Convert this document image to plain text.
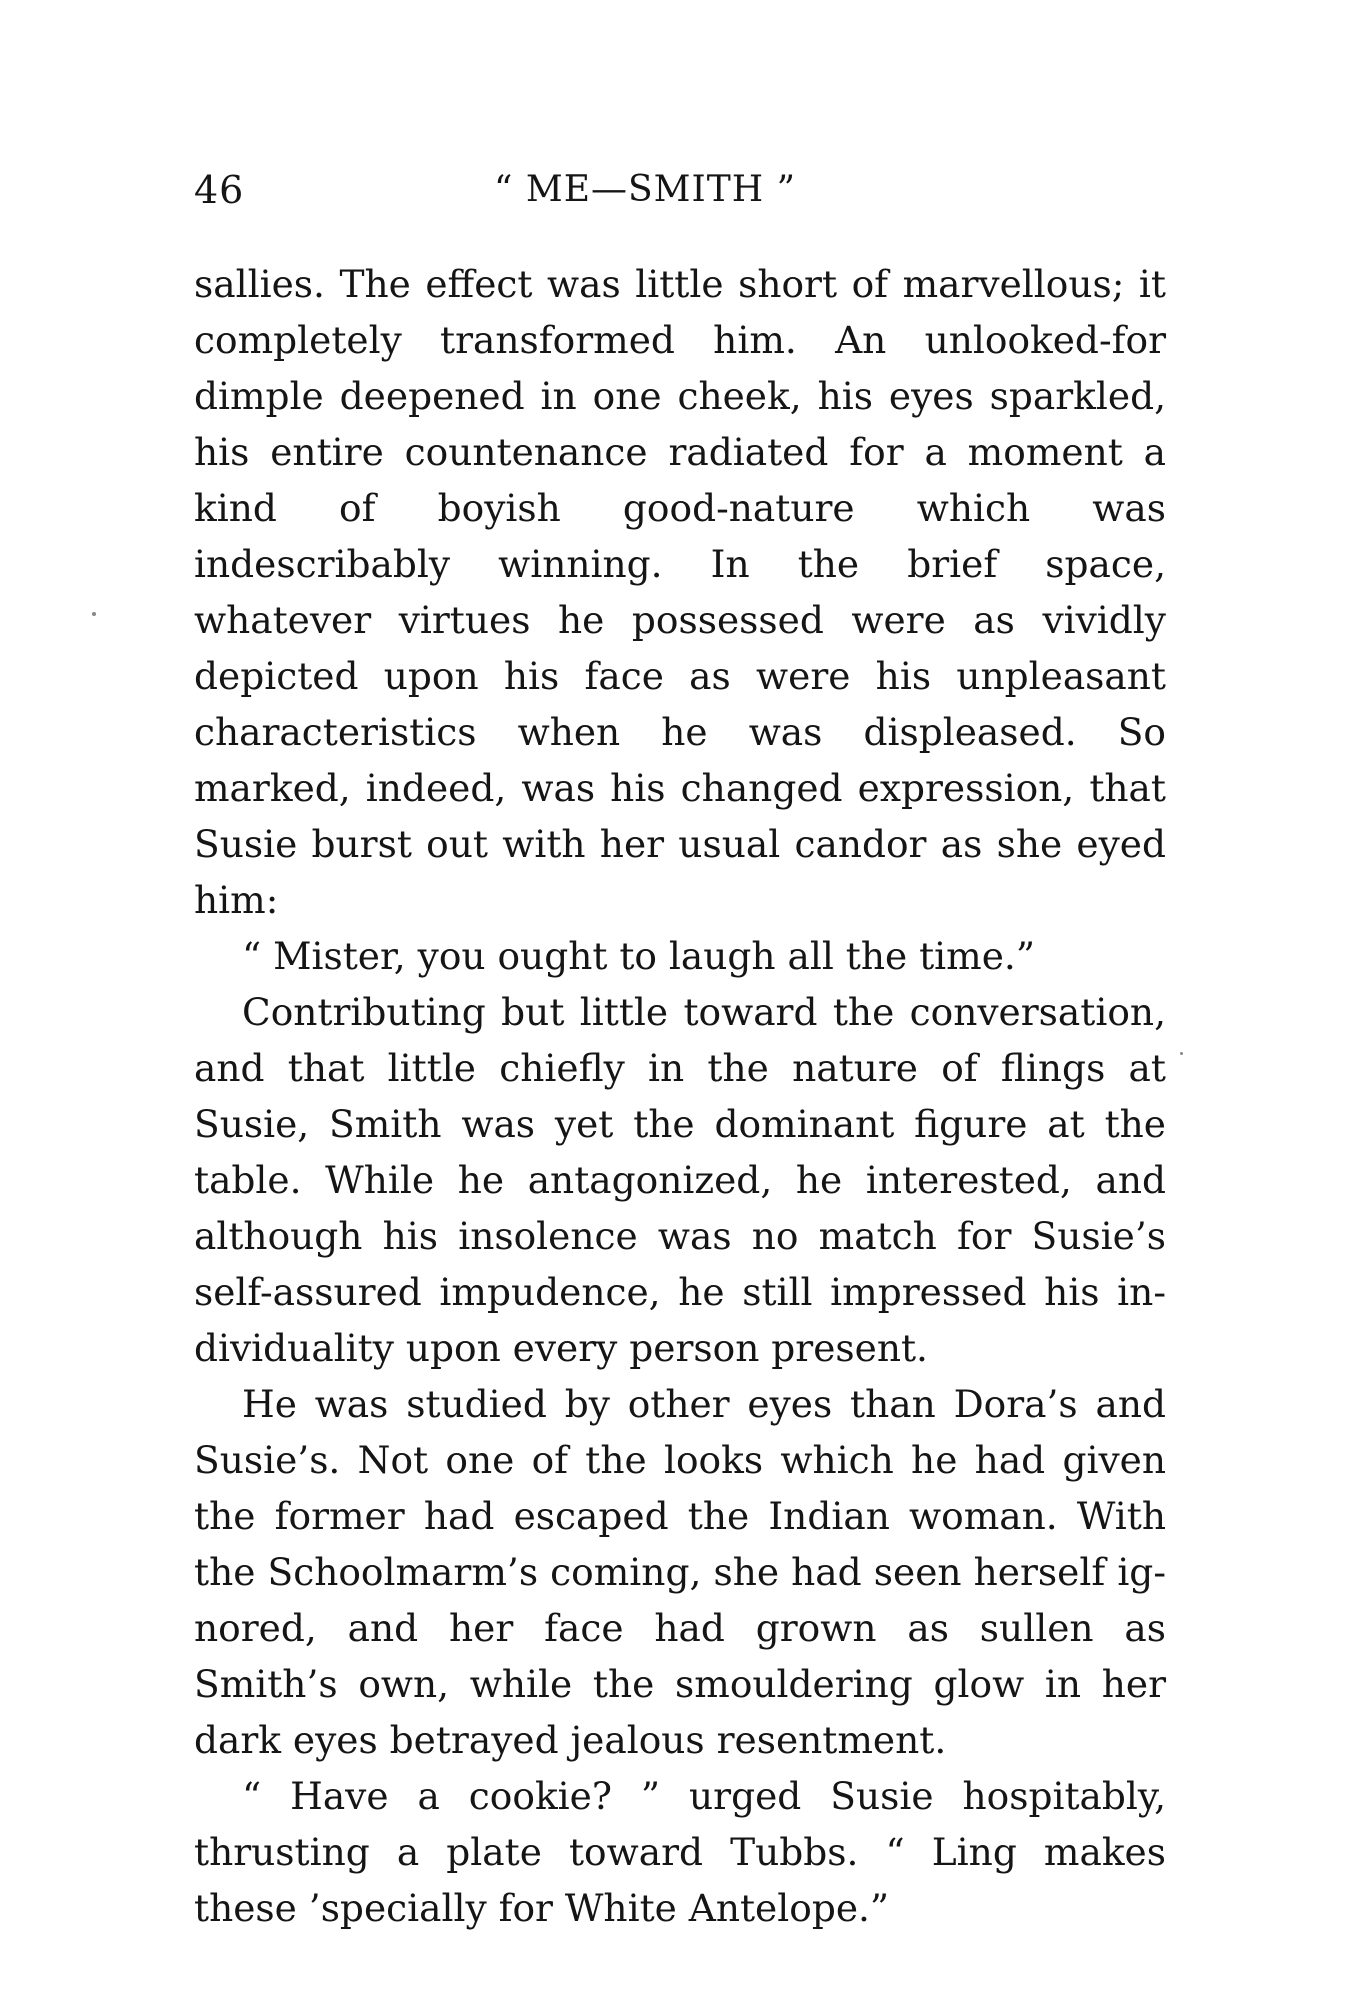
46	“ ME—SMITH ”

sallies. The effect was little short of marvellous; it completely transformed him. An unlooked-for dimple deepened in one cheek, his eyes sparkled, his entire countenance radiated for a moment a kind of boyish good-nature which was indescribably winning. In the brief space, whatever virtues he possessed were as vividly depicted upon his face as were his unpleasant characteristics when he was displeased. So marked, indeed, was his changed expression, that Susie burst out with her usual candor as she eyed him:

“ Mister, you ought to laugh all the time.”

Contributing but little toward the conversation, and that little chiefly in the nature of flings at Susie, Smith was yet the dominant figure at the table. While he antagonized, he interested, and although his insolence was no match for Susie’s self-assured impudence, he still impressed his individuality upon every person present.

He was studied by other eyes than Dora’s and Susie’s. Not one of the looks which he had given the former had escaped the Indian woman. With the Schoolmarm’s coming, she had seen herself ignored, and her face had grown as sullen as Smith’s own, while the smouldering glow in her dark eyes betrayed jealous resentment.

“ Have a cookie? ” urged Susie hospitably, thrusting a plate toward Tubbs. “ Ling makes these ’specially for White Antelope.”
